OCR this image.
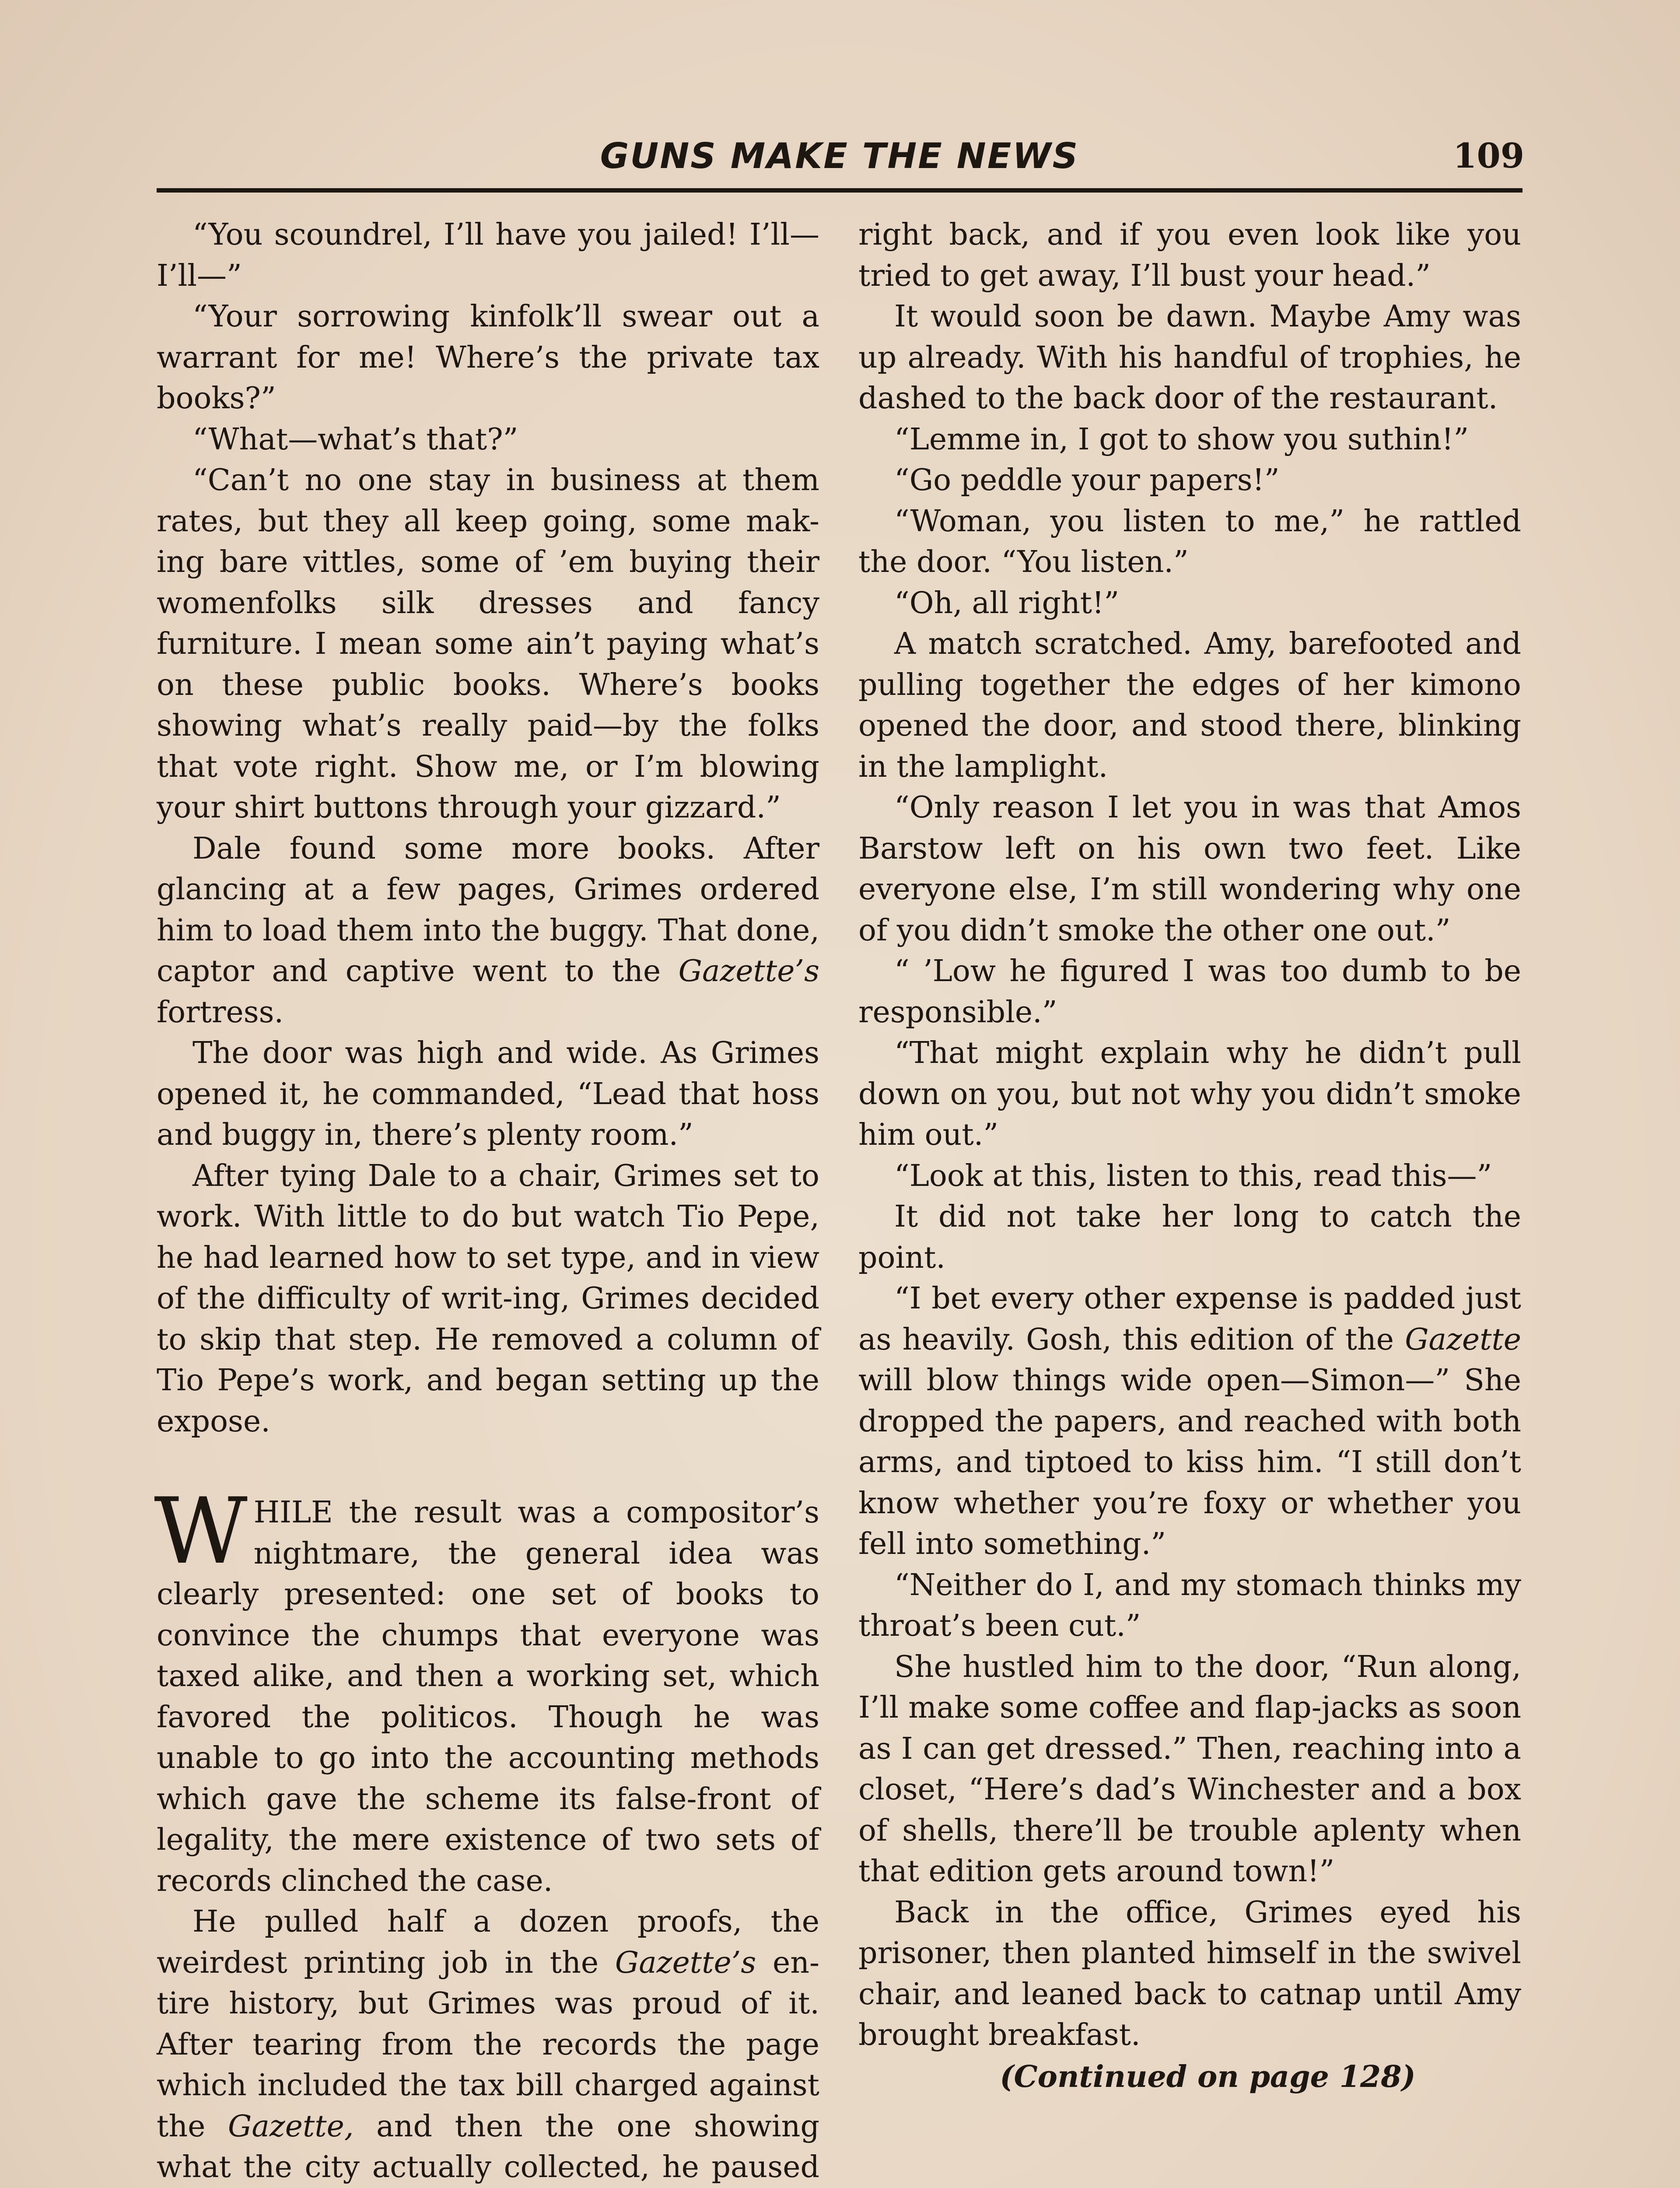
GUNS MAKE THE NEWS	109

“You scoundrel, I’ll have you jailed! I’ll—I’ll—”

“Your sorrowing kinfolk’ll swear out a warrant for me! Where’s the private tax books?”

“What—what’s that?”

“Can’t no one stay in business at them rates, but they all keep going, some mak-ing bare vittles, some of ’em buying their womenfolks silk dresses and fancy furniture. I mean some ain’t paying what’s on these public books. Where’s books showing what’s really paid—by the folks that vote right. Show me, or I’m blowing your shirt buttons through your gizzard.”

Dale found some more books. After glancing at a few pages, Grimes ordered him to load them into the buggy. That done, captor and captive went to the Gazette’s fortress.

The door was high and wide. As Grimes opened it, he commanded, “Lead that hoss and buggy in, there’s plenty room.”

After tying Dale to a chair, Grimes set to work. With little to do but watch Tio Pepe, he had learned how to set type, and in view of the difficulty of writ-ing, Grimes decided to skip that step. He removed a column of Tio Pepe’s work, and began setting up the expose.

WHILE the result was a compositor’s nightmare, the general idea was clearly presented: one set of books to convince the chumps that everyone was taxed alike, and then a working set, which favored the politicos. Though he was unable to go into the accounting methods which gave the scheme its false-front of legality, the mere existence of two sets of records clinched the case.

He pulled half a dozen proofs, the weirdest printing job in the Gazette’s en-tire history, but Grimes was proud of it. After tearing from the records the page which included the tax bill charged against the Gazette, and then the one showing what the city actually collected, he paused

right back, and if you even look like you tried to get away, I’ll bust your head.”

It would soon be dawn. Maybe Amy was up already. With his handful of trophies, he dashed to the back door of the restaurant.

“Lemme in, I got to show you suthin!”

“Go peddle your papers!”

“Woman, you listen to me,” he rattled the door. “You listen.”

“Oh, all right!”

A match scratched. Amy, barefooted and pulling together the edges of her kimono opened the door, and stood there, blinking in the lamplight.

“Only reason I let you in was that Amos Barstow left on his own two feet. Like everyone else, I’m still wondering why one of you didn’t smoke the other one out.”

“ ’Low he figured I was too dumb to be responsible.”

“That might explain why he didn’t pull down on you, but not why you didn’t smoke him out.”

“Look at this, listen to this, read this—”

It did not take her long to catch the point.

“I bet every other expense is padded just as heavily. Gosh, this edition of the Gazette will blow things wide open—Simon—” She dropped the papers, and reached with both arms, and tiptoed to kiss him. “I still don’t know whether you’re foxy or whether you fell into something.”

“Neither do I, and my stomach thinks my throat’s been cut.”

She hustled him to the door, “Run along, I’ll make some coffee and flap-jacks as soon as I can get dressed.” Then, reaching into a closet, “Here’s dad’s Winchester and a box of shells, there’ll be trouble aplenty when that edition gets around town!”

Back in the office, Grimes eyed his prisoner, then planted himself in the swivel chair, and leaned back to catnap until Amy brought breakfast.

(Continued on page 128)
